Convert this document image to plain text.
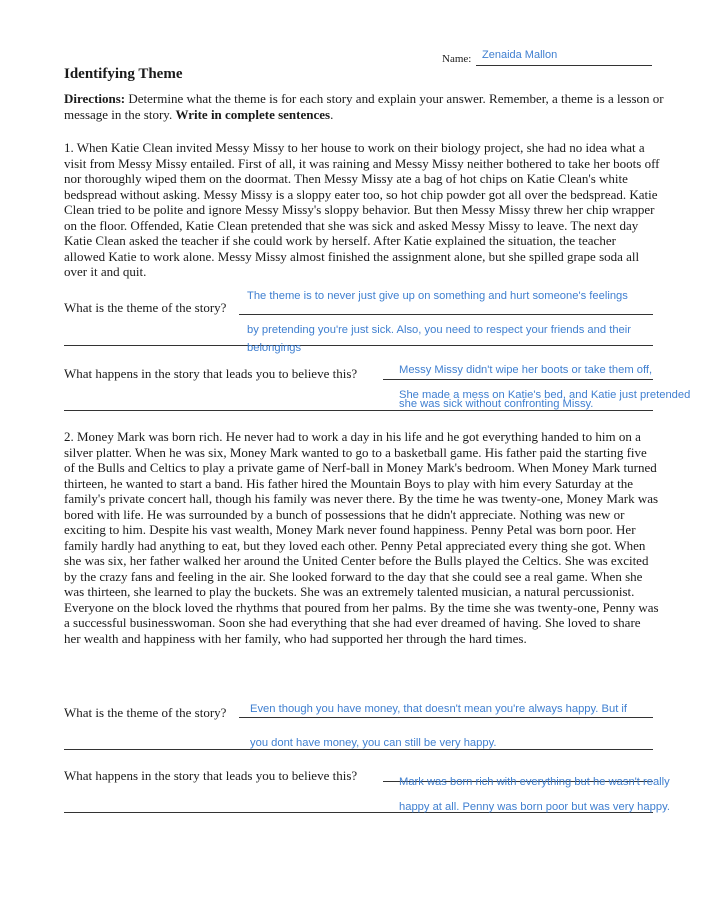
Name: Zenaida Mallon
Identifying Theme
Directions: Determine what the theme is for each story and explain your answer. Remember, a theme is a lesson or message in the story. Write in complete sentences.
1. When Katie Clean invited Messy Missy to her house to work on their biology project, she had no idea what a visit from Messy Missy entailed. First of all, it was raining and Messy Missy neither bothered to take her boots off nor thoroughly wiped them on the doormat. Then Messy Missy ate a bag of hot chips on Katie Clean's white bedspread without asking. Messy Missy is a sloppy eater too, so hot chip powder got all over the bedspread. Katie Clean tried to be polite and ignore Messy Missy's sloppy behavior. But then Messy Missy threw her chip wrapper on the floor. Offended, Katie Clean pretended that she was sick and asked Messy Missy to leave. The next day Katie Clean asked the teacher if she could work by herself. After Katie explained the situation, the teacher allowed Katie to work alone. Messy Missy almost finished the assignment alone, but she spilled grape soda all over it and quit.
What is the theme of the story?
The theme is to never just give up on something and hurt someone's feelings
by pretending you're just sick. Also, you need to respect your friends and their
belongings
What happens in the story that leads you to believe this?	Messy Missy didn't wipe her boots or take them off,
She made a mess on Katie's bed, and Katie just pretended
she was sick without confronting Missy.
2. Money Mark was born rich. He never had to work a day in his life and he got everything handed to him on a silver platter. When he was six, Money Mark wanted to go to a basketball game. His father paid the starting five of the Bulls and Celtics to play a private game of Nerf-ball in Money Mark's bedroom. When Money Mark turned thirteen, he wanted to start a band. His father hired the Mountain Boys to play with him every Saturday at the family's private concert hall, though his family was never there. By the time he was twenty-one, Money Mark was bored with life. He was surrounded by a bunch of possessions that he didn't appreciate. Nothing was new or exciting to him. Despite his vast wealth, Money Mark never found happiness. Penny Petal was born poor. Her family hardly had anything to eat, but they loved each other. Penny Petal appreciated every thing she got. When she was six, her father walked her around the United Center before the Bulls played the Celtics. She was excited by the crazy fans and feeling in the air. She looked forward to the day that she could see a real game. When she was thirteen, she learned to play the buckets. She was an extremely talented musician, a natural percussionist. Everyone on the block loved the rhythms that poured from her palms. By the time she was twenty-one, Penny was a successful businesswoman. Soon she had everything that she had ever dreamed of having. She loved to share her wealth and happiness with her family, who had supported her through the hard times.
What is the theme of the story? Even though you have money, that doesn't mean you're always happy. But if
you dont have money, you can still be very happy.
What happens in the story that leads you to believe this?	Mark was born rich with everything but he wasn't really
happy at all. Penny was born poor but was very happy.
